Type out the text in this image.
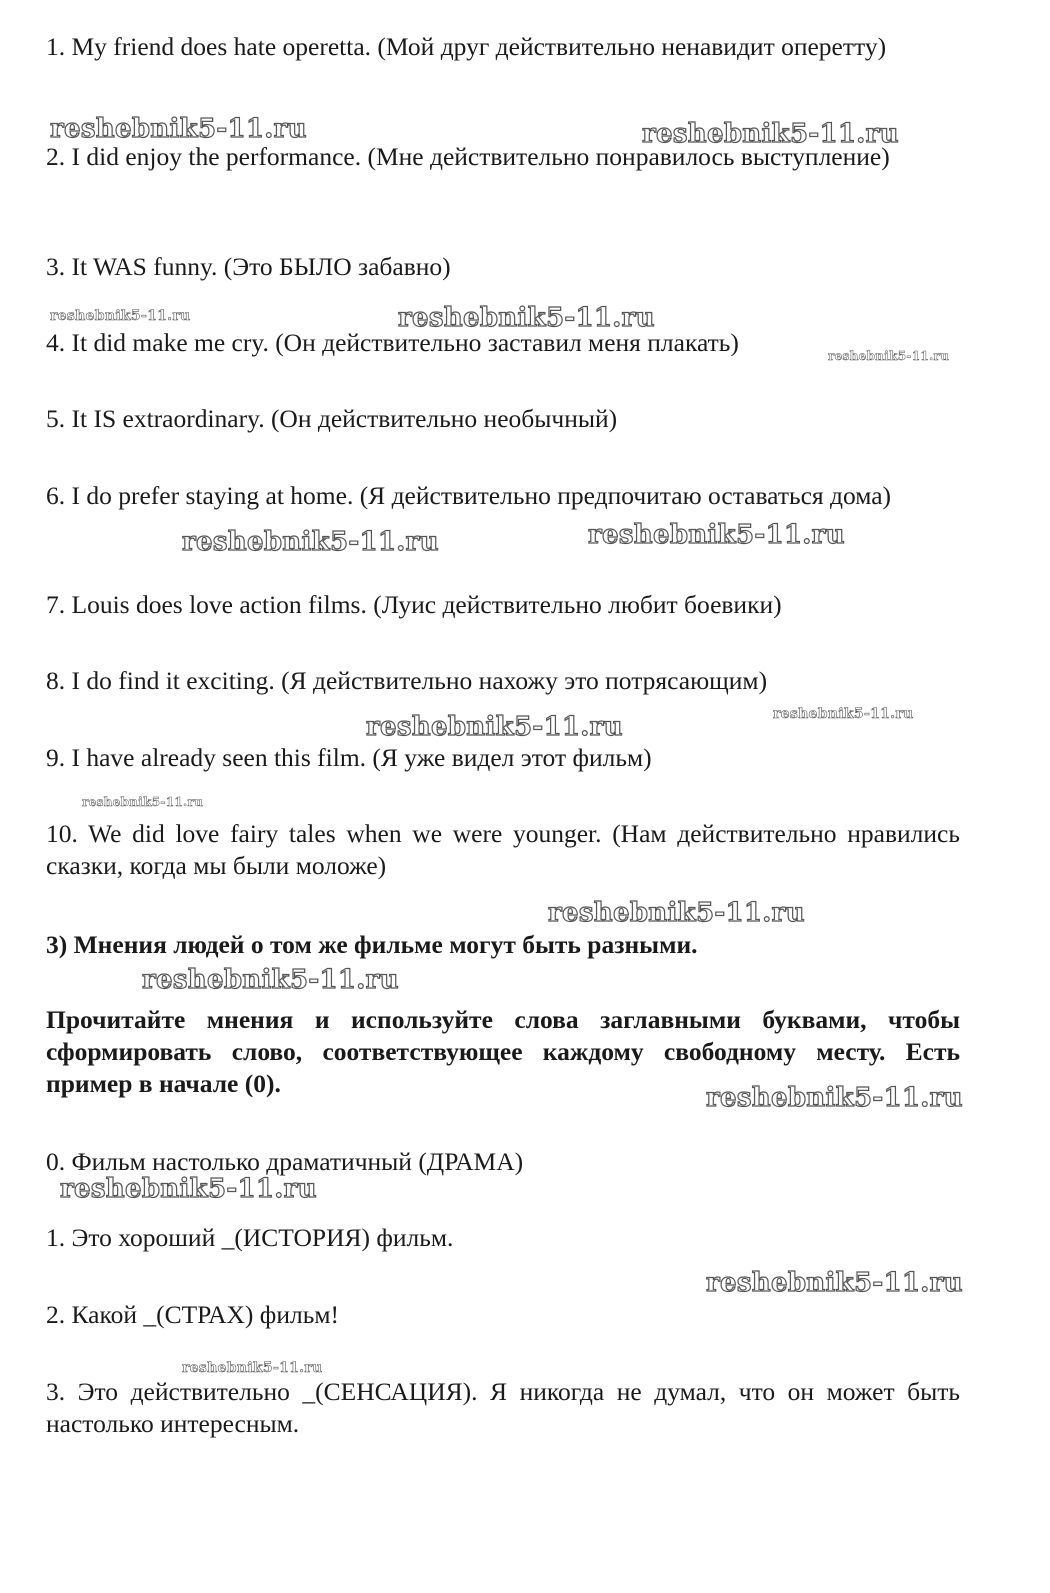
1. My friend does hate operetta. (Мой друг действительно ненавидит оперетту)

2. I did enjoy the performance. (Мне действительно понравилось выступление)

3. It WAS funny. (Это БЫЛО забавно)

4. It did make me cry. (Он действительно заставил меня плакать)

5. It IS extraordinary. (Он действительно необычный)

6. I do prefer staying at home. (Я действительно предпочитаю оставаться дома)

7. Louis does love action films. (Луис действительно любит боевики)

8. I do find it exciting. (Я действительно нахожу это потрясающим)

9. I have already seen this film. (Я уже видел этот фильм)

10. We did love fairy tales when we were younger. (Нам действительно нравились сказки, когда мы были моложе)

3) Мнения людей о том же фильме могут быть разными.

Прочитайте мнения и используйте слова заглавными буквами, чтобы сформировать слово, соответствующее каждому свободному месту. Есть пример в начале (0).

0. Фильм настолько драматичный (ДРАМА)

1. Это хороший _(ИСТОРИЯ) фильм.

2. Какой _(СТРАХ) фильм!

3. Это действительно _(СЕНСАЦИЯ). Я никогда не думал, что он может быть настолько интересным.

reshebnik5-11.ru	reshebnik5-11.ru
reshebnik5-11.ru	reshebnik5-11.ru
reshebnik5-11.ru
reshebnik5-11.ru	reshebnik5-11.ru
reshebnik5-11.ru	reshebnik5-11.ru
reshebnik5-11.ru
reshebnik5-11.ru
reshebnik5-11.ru
reshebnik5-11.ru
reshebnik5-11.ru
reshebnik5-11.ru
reshebnik5-11.ru
